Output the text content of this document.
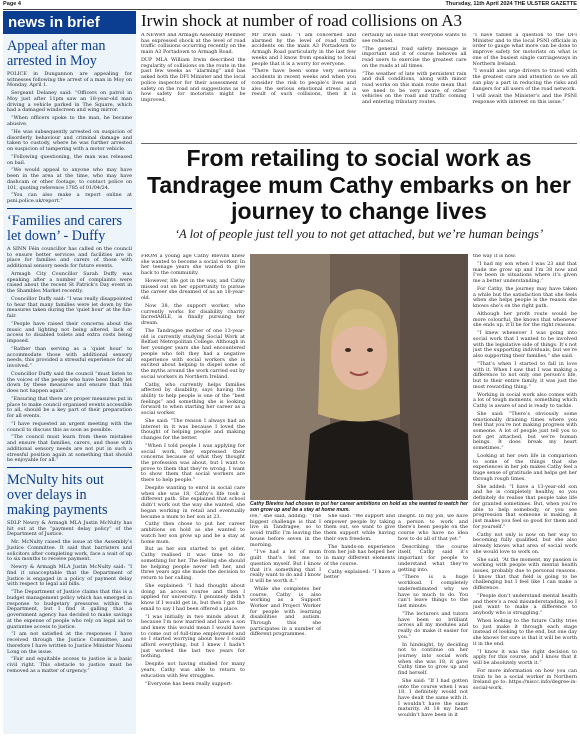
Page 4	Thursday, 11th April 2024 THE ULSTER GAZETTE
news in brief
Appeal after man arrested in Moy

POLICE in Dungannon are appealing for witnesses following the arrest of a man in Moy on Monday, April 1.

Sergeant Delaney said: “Officers on patrol in Moy just after 11pm saw an 18-year-old man driving a vehicle parked in The Square, which had a damaged windscreen and wing mirror.

“When officers spoke to the man, he became abusive.

“He was subsequently arrested on suspicion of disorderly behaviour and criminal damage and taken to custody, where he was further arrested on suspicion of tampering with a motor vehicle.

“Following questioning, the man was released on bail.

“We would appeal to anyone who may have been in the area at the time, who may have dashcam or other footage, to contact police on 101, quoting reference 1785 of 01/04/24.

“You can also make a report online at psni.police.uk/report.”

‘Families and carers let down’ - Duffy

A SINN Féin councillor has called on the council to ensure better services and facilities are in place for families and carers of those with additional sensory needs for future events.

Armagh City Councillor Sarah Duffy was speaking after a number of complaints were raised about the recent St Patrick’s Day event in the Shambles Market recently.

Councillor Duffy said: “I was really disappointed to hear that many families were let down by the measures taken during the ‘quiet hour’ at the fun-fair.

“People have raised their concerns about the music and lighting not being altered, lack of access to disabled toilets and extra costs being imposed.

“Rather than serving as a ‘quiet hour’ to accommodate those with additional sensory needs, this provided a stressful experience for all involved.”

Councillor Duffy said the council “must listen to the voices of the people who have been badly let down by these measures and ensure that this does not happen again”.

“Ensuring that there are proper measures put in place to make council organised events accessible to all, should be a key part of their preparation for all events.

“I have requested an urgent meeting with the council to discuss this as soon as possible.

“The council must learn from these mistakes and ensure that families, carers, and those with additional sensory needs are not put in such a stressful position again at something that should be enjoyable for all.”

McNulty hits out over delays in making payments

SDLP Newry & Armagh MLA Justin McNulty has hit out at the “payment delay policy” of the Department of Justice.

Mr. McNulty raised the issue at the Assembly’s Justice Committee. It said that barristers and solicitors after completing work, face a wait of up to six months to receive payment.

Newry & Armagh MLA Justin McNulty said: “I find it unacceptable that the Department of Justice is engaged in a policy of payment delay with respect to legal aid bills.

“The Department of Justice claims that this is a budget management policy which has emerged in response to budgetary pressures within the Department, but I find it galling that a government agency has decided to make savings at the expense of people who rely on legal aid to guarantee access to justice.

“I am not satisfied at the responses I have received through the Justice Committee, and therefore I have written to Justice Minister Naomi Long on the issue.

“Fair and equitable access to justice is a basic civil right. This obstacle to justice must be removed as a matter of urgency.”

Irwin shock at number of road collisions on A3

A NEWRY and Armagh Assembly Member has expressed shock at the level of road traffic collisions occurring recently on the main A3 Portadown to Armagh Road.

DUP MLA William Irwin described the regularity of collisions on the route in the past few weeks as “alarming” and has asked both the DFI Minister and the local police inspector for their assessment of safety on the road and suggestions as to how safety for motorists might be improved.

Mr Irwin said: “I am concerned and alarmed by the level of road traffic accidents on the main A3 Portadown to Armagh Road particularly in the last few weeks and I know from speaking to local people that it is a worry for everyone.

“There have been some very serious accidents in recent weeks and when you consider the risk to people’s lives and also the serious emotional stress as a result of such collisions, then it is certainly an issue that everyone wants to see reduced.

“The general road safety message is important and it of course behoves all road users to exercise the greatest care on the roads at all times.

“The weather of late with persistent rain and dull conditions, along with minor road works on this main route mean that we need to be very aware of other vehicles on the road and traffic coming and entering tributary routes.

“I have tabled a question to the DFI Minister and to the local PSNI officials in order to gauge what more can be done to improve safety for motorists on what is one of the busiest single carriageways in Northern Ireland.

“I would also urge drivers to travel with the greatest care and attention so we all can play a part in reducing the risks and dangers for all users of the road network.

I will await the Minister’s and the PSNI response with interest on this issue.”

From retailing to social work as Tandragee mum Cathy embarks on her journey to change lives
‘A lot of people just tell you to not get attached, but we’re human beings’

FROM a young age Cathy Blevins knew she wanted to become a social worker. In her teenage years she wanted to give back to the community.

However, life got in the way, and Cathy missed out on her opportunity to pursue the career she dreamed of as an 18-year-old.

Now 38, the support worker, who currently works for disability charity IncredABLE, is finally pursuing her dream.

The Tandragee mother of one 13-year-old is currently studying Social Work at Belfast Metropolitan College. Although in her younger years she had encountered people who felt they had a negative experience with social workers she is excited about helping to dispel some of the myths around the work carried out by social workers in Northern Ireland.

Cathy, who currently helps families affected by disability, says having the ability to help people is one of the “best feelings” and something she is looking forward to when starting her career as a social worker.

She said: “The reason I always had an interest in it was because I loved the thought of helping people and making changes for the better.

“When I told people I was applying for social work, they expressed their concerns because of what they thought the profession was about, but I want to prove to them that they’re wrong. I want to show them that social workers are there to help people.”

Despite wanting to enrol in social care when she was 18, Cathy’s life took a different path. She explained that school didn’t work out the way she wanted, she began working in retail and eventually became a mum to her son at 23.

Cathy then chose to put her career ambitions on hold as she wanted to watch her son grow up and be a stay at home mum.

But as her son started to get older, Cathy realised it was time to do something for her. The feeling she should be helping people never left her, and three years ago she made the decision to return to her calling.

She explained: “I had thought about doing an access course and then I applied for university. I genuinely didn’t know if I would get in, but then I got the email to say I had been offered a place.

“I was initially in two minds about it because I’m now married and have a son and knew this would mean I would have to come out of full-time employment and so I started worrying about how I could afford everything, but I knew I hadn’t just worked the last two years for nothing.

Despite not having studied for many years, Cathy was able to return to education with few struggles.

“Everyone has been really support-

Cathy Blevins had chosen to put her career ambitions on hold as she wanted to watch her son grow up and be a stay at home mum.

ive,” she said, adding: “The biggest challenge is that I live in Tandragee, so to avoid traffic I’m leaving the house before seven in the morning.

“I’ve had a lot of mum guilt that’s led me to question myself. But I know that it’s something that I really want to do and I know it will be worth it.”

While she completes her course, Cathy is also working as a Support Worker and Project Worker for people with learning disabilities and autism. Through this she participates in a number of different programmes.

She said: “We support and empower people by taking them out, we want to give them support while having their own freedom.

The hands-on experience from her job has helped her in many different elements of the course.

Cathy explained: “I have a better

insight. In my job, we have a person to work and there’s been people on the course who have no idea how to do all of that yet.”

Describing the course itself, Cathy said it’s important for people to understand what they’re getting into.

“There is a huge workload. I completely underestimated why we have so much to do. You can’t leave things to the last minute.

“The lecturers and tutors have been so brilliant across all my modules and really do make it easier for you.”

In hindsight, by deciding not to continue on her journey into social work when she was 18, it gave Cathy time to grow up and find herself.

She said: “If I had gotten onto the course when I was 18, I definitely would not have dealt the same with it. I wouldn’t have the same maturity. At 18 my heart wouldn’t have been in it

the way it is now.

“I had my son when I was 23 and that made me grow up and I’m 38 now and I’ve been in situations where it’s given me a better understanding.”

For Cathy, the journey may have taken a while but the satisfaction that she feels when she helps people is the reason she knows she’s on the right path.

Although her profit route would be more colourful, the knows that whenever she ends up, it’ll be for the right reasons.

“I knew whenever I was going into social work that I wanted to be involved with the legislative side of things. It’s not just the supporting individuals, but we’re also supporting their families,” she said.

“That’s when I started to fall in love with it. When I saw that I was making a difference to not only one person’s life, but to their entire family, it was just the most rewarding thing.”

Working in social work also comes with a lot of tough moments, something which Cathy is aware of and is ready to tackle.

She said: “There’s obviously some emotionally draining times where you feel that you’re not making progress with someone. A lot of people just tell you to not get attached, but we’re human beings. It does break my heart sometimes.”

Looking at her own life in comparison to some of the things that she experiences in her job makes Cathy feel a huge sense of gratitude and helps get her through rough times.

She added: “I have a 13-year-old son and he is completely healthy, so you definitely do realise that people take life for granted sometimes. But, when you’re able to help somebody, or you see progression that someone is making, it just makes you feel so good for them and for yourself.”

Cathy not only is now on her way to becoming fully qualified, but she also already knows what area of social work she would love to work on.

She said, “At the moment, my passion is working with people with mental health issues, probably due to personal reasons. I know that that field is going to be challenging but I feel like I can make a difference.

“People don’t understand mental health and there’s a real misunderstanding, so I just want to make a difference to anybody who is struggling.”

When looking to the future Cathy tries to just make it through each stage instead of looking to the end, but one day she knows for sure is that it will be worth it in the end.

“I know it was the right decision to apply for this course, and I know that it will be absolutely worth it.”

For more information on how you can train to be a social worker in Northern Ireland go to: https://niscc.info/degree-in-social-work.
